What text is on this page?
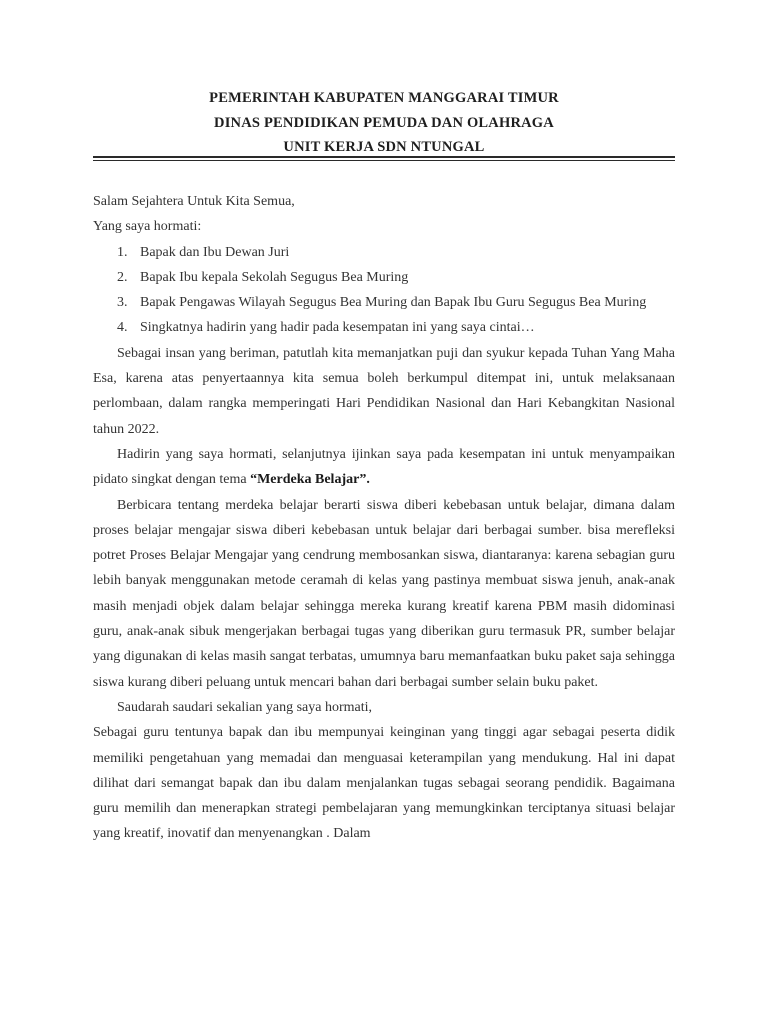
PEMERINTAH KABUPATEN MANGGARAI TIMUR
DINAS PENDIDIKAN PEMUDA DAN OLAHRAGA
UNIT KERJA SDN NTUNGAL

Salam Sejahtera Untuk Kita Semua,

Yang saya hormati:

1. Bapak dan Ibu Dewan Juri
2. Bapak Ibu kepala Sekolah Segugus Bea Muring
3. Bapak Pengawas Wilayah Segugus Bea Muring dan Bapak Ibu Guru Segugus Bea Muring
4. Singkatnya hadirin yang hadir pada kesempatan ini yang saya cintai…

Sebagai insan yang beriman, patutlah kita memanjatkan puji dan syukur kepada Tuhan Yang Maha Esa, karena atas penyertaannya kita semua boleh berkumpul ditempat ini, untuk melaksanaan perlombaan, dalam rangka memperingati Hari Pendidikan Nasional dan Hari Kebangkitan Nasional tahun 2022.

Hadirin yang saya hormati, selanjutnya ijinkan saya pada kesempatan ini untuk menyampaikan pidato singkat dengan tema “Merdeka Belajar”.

Berbicara tentang merdeka belajar berarti siswa diberi kebebasan untuk belajar, dimana dalam proses belajar mengajar siswa diberi kebebasan untuk belajar dari berbagai sumber. bisa merefleksi potret Proses Belajar Mengajar yang cendrung membosankan siswa, diantaranya: karena sebagian guru lebih banyak menggunakan metode ceramah di kelas yang pastinya membuat siswa jenuh, anak-anak masih menjadi objek dalam belajar sehingga mereka kurang kreatif karena PBM masih didominasi guru, anak-anak sibuk mengerjakan berbagai tugas yang diberikan guru termasuk PR, sumber belajar yang digunakan di kelas masih sangat terbatas, umumnya baru memanfaatkan buku paket saja sehingga siswa kurang diberi peluang untuk mencari bahan dari berbagai sumber selain buku paket.

Saudarah saudari sekalian yang saya hormati,

Sebagai guru tentunya bapak dan ibu mempunyai keinginan yang tinggi agar sebagai peserta didik memiliki pengetahuan yang memadai dan menguasai keterampilan yang mendukung. Hal ini dapat dilihat dari semangat bapak dan ibu dalam menjalankan tugas sebagai seorang pendidik. Bagaimana guru memilih dan menerapkan strategi pembelajaran yang memungkinkan terciptanya situasi belajar yang kreatif, inovatif dan menyenangkan . Dalam
